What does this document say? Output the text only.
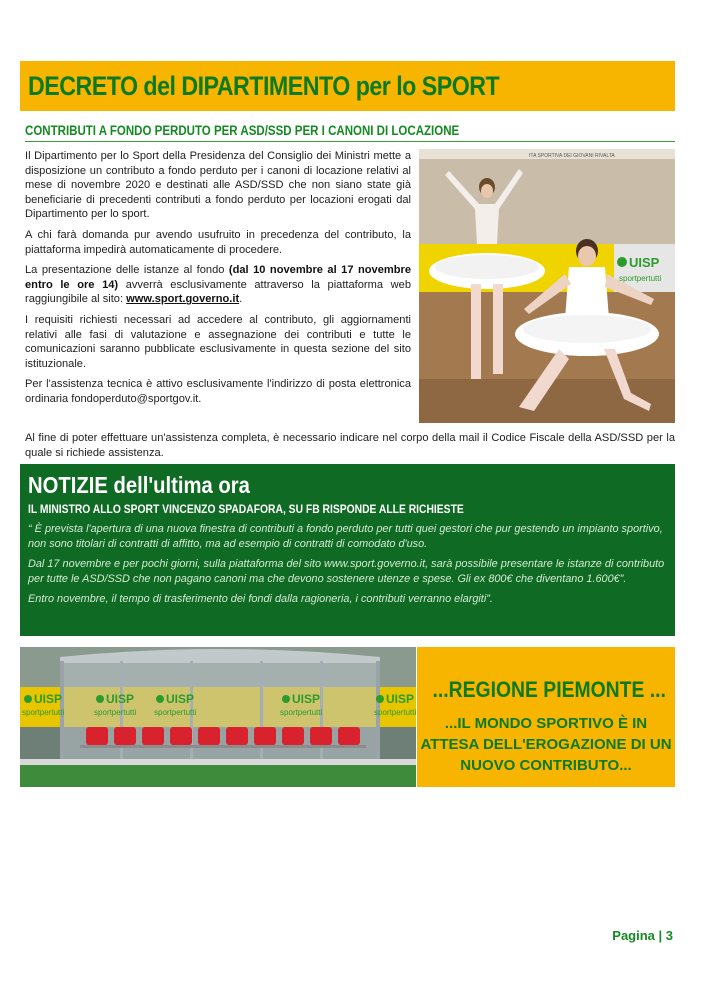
DECRETO del DIPARTIMENTO per lo SPORT
CONTRIBUTI A FONDO PERDUTO PER ASD/SSD PER I CANONI DI LOCAZIONE

Il Dipartimento per lo Sport della Presidenza del Consiglio dei Ministri mette a disposizione un contributo a fondo perduto per i canoni di locazione relativi al mese di novembre 2020 e destinati alle ASD/SSD che non siano state già beneficiarie di precedenti contributi a fondo perduto per locazioni erogati dal Dipartimento per lo sport.

A chi farà domanda pur avendo usufruito in precedenza del contributo, la piattaforma impedirà automaticamente di procedere.

La presentazione delle istanze al fondo (dal 10 novembre al 17 novembre entro le ore 14) avverrà esclusivamente attraverso la piattaforma web raggiungibile al sito: www.sport.governo.it.

I requisiti richiesti necessari ad accedere al contributo, gli aggiornamenti relativi alle fasi di valutazione e assegnazione dei contributi e tutte le comunicazioni saranno pubblicate esclusivamente in questa sezione del sito istituzionale.

Per l'assistenza tecnica è attivo esclusivamente l'indirizzo di posta elettronica ordinaria fondoperduto@sportgov.it.

ITA SPORTIVA DEI GIOVANI RIVALTA
UISP
sportpertutti
Al fine di poter effettuare un'assistenza completa, è necessario indicare nel corpo della mail il Codice Fiscale della ASD/SSD per la quale si richiede assistenza.
NOTIZIE dell'ultima ora
IL MINISTRO ALLO SPORT VINCENZO SPADAFORA, SU FB RISPONDE ALLE RICHIESTE

“ È prevista l'apertura di una nuova finestra di contributi a fondo perduto per tutti quei gestori che pur gestendo un impianto sportivo, non sono titolari di contratti di affitto, ma ad esempio di contratti di comodato d'uso.

Dal 17 novembre e per pochi giorni, sulla piattaforma del sito www.sport.governo.it, sarà possibile presentare le istanze di contributo per tutte le ASD/SSD che non pagano canoni ma che devono sostenere utenze e spese. Gli ex 800€ che diventano 1.600€”.

Entro novembre, il tempo di trasferimento dei fondi dalla ragioneria, i contributi verranno elargiti”.

UISP
sportpertutti
UISP
sportpertutti
UISP
sportpertutti
UISP
sportpertutti
UISP
sportpertutti
...REGIONE PIEMONTE ...
...IL MONDO SPORTIVO È IN
ATTESA DELL'EROGAZIONE DI UN
NUOVO CONTRIBUTO...
Pagina | 3
